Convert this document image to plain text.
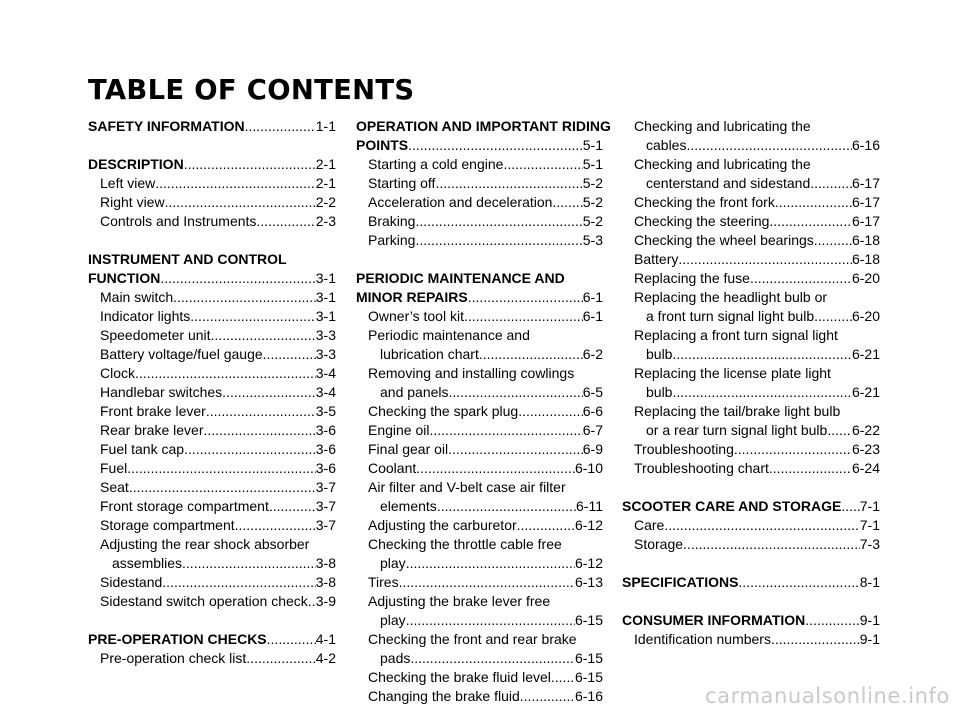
TABLE OF CONTENTS
SAFETY INFORMATION .....	1-1
DESCRIPTION .....	2-1
Left view .....	2-1
Right view .....	2-2
Controls and Instruments .....	2-3
INSTRUMENT AND CONTROL
FUNCTION .....	3-1
Main switch .....	3-1
Indicator lights .....	3-1
Speedometer unit .....	3-3
Battery voltage/fuel gauge .....	3-3
Clock .....	3-4
Handlebar switches .....	3-4
Front brake lever .....	3-5
Rear brake lever .....	3-6
Fuel tank cap .....	3-6
Fuel .....	3-6
Seat .....	3-7
Front storage compartment .....	3-7
Storage compartment .....	3-7
Adjusting the rear shock absorber
assemblies .....	3-8
Sidestand .....	3-8
Sidestand switch operation check ..... 3-9
PRE-OPERATION CHECKS .....	4-1
Pre-operation check list .....	4-2
OPERATION AND IMPORTANT RIDING
POINTS .....	5-1
Starting a cold engine .....	5-1
Starting off .....	5-2
Acceleration and deceleration ..... 5-2
Braking .....	5-2
Parking .....	5-3
PERIODIC MAINTENANCE AND
MINOR REPAIRS .....	6-1
Owner’s tool kit .....	6-1
Periodic maintenance and
lubrication chart .....	6-2
Removing and installing cowlings
and panels .....	6-5
Checking the spark plug .....	6-6
Engine oil .....	6-7
Final gear oil .....	6-9
Coolant .....	6-10
Air filter and V-belt case air filter
elements .....	6-11
Adjusting the carburetor .....	6-12
Checking the throttle cable free
play .....	6-12
Tires .....	6-13
Adjusting the brake lever free
play .....	6-15
Checking the front and rear brake
pads .....	6-15
Checking the brake fluid level ..... 6-15
Changing the brake fluid .....	6-16
Checking and lubricating the
cables .....	6-16
Checking and lubricating the
centerstand and sidestand .....	6-17
Checking the front fork .....	6-17
Checking the steering .....	6-17
Checking the wheel bearings .....	6-18
Battery .....	6-18
Replacing the fuse .....	6-20
Replacing the headlight bulb or
a front turn signal light bulb .....	6-20
Replacing a front turn signal light
bulb .....	6-21
Replacing the license plate light
bulb .....	6-21
Replacing the tail/brake light bulb
or a rear turn signal light bulb ..... 6-22
Troubleshooting .....	6-23
Troubleshooting chart .....	6-24
SCOOTER CARE AND STORAGE ..... 7-1
Care .....	7-1
Storage .....	7-3
SPECIFICATIONS .....	8-1
CONSUMER INFORMATION .....	9-1
Identification numbers .....	9-1
carmanualsonline.info
